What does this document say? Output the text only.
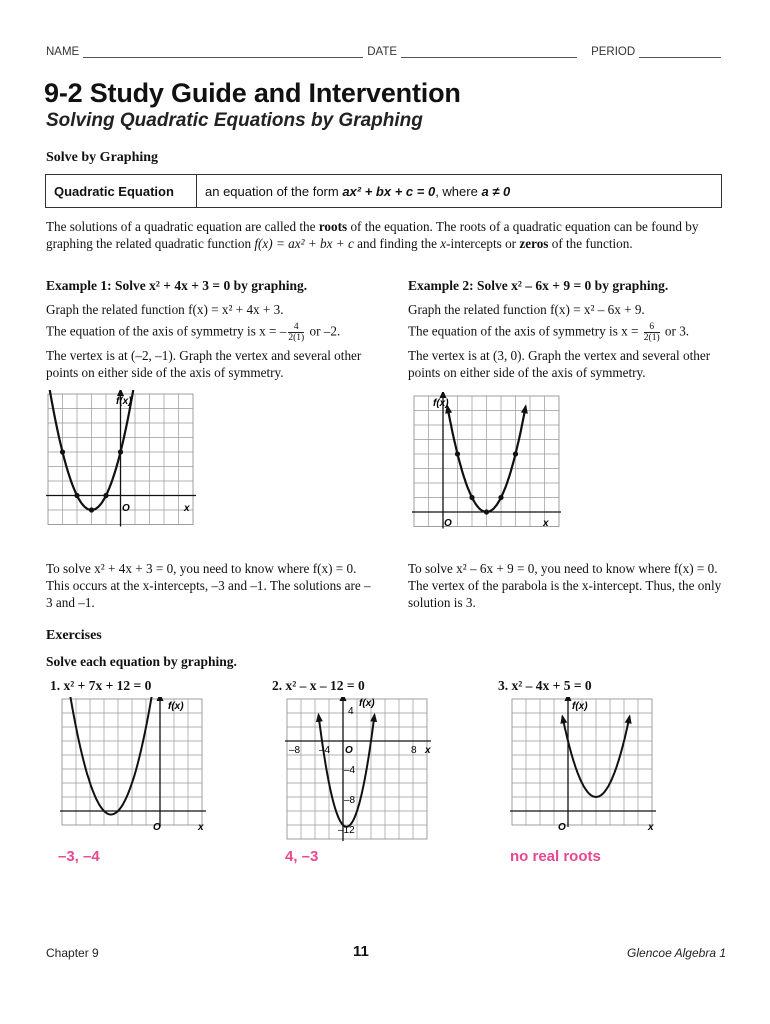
NAME	DATE	PERIOD
9-2 Study Guide and Intervention
Solving Quadratic Equations by Graphing
Solve by Graphing
Quadratic Equation	an equation of the form ax² + bx + c = 0, where a ≠ 0
The solutions of a quadratic equation are called the roots of the equation. The roots of a quadratic equation can be found by graphing the related quadratic function f(x) = ax² + bx + c and finding the x-intercepts or zeros of the function.
Example 1: Solve x² + 4x + 3 = 0 by graphing.

Graph the related function f(x) = x² + 4x + 3.

The equation of the axis of symmetry is x = – $\frac{4}{2(1)}$ or –2.

The vertex is at (–2, –1). Graph the vertex and several other points on either side of the axis of symmetry.

Example 2: Solve x² – 6x + 9 = 0 by graphing.

Graph the related function f(x) = x² – 6x + 9.

The equation of the axis of symmetry is $x = \frac{6}{2(1)}$ or 3.

The vertex is at (3, 0). Graph the vertex and several other points on either side of the axis of symmetry.

f(x)
O	x
f(x)
O	x
To solve x² + 4x + 3 = 0, you need to know where f(x) = 0. This occurs at the x-intercepts, –3 and –1. The solutions are –3 and –1.
To solve x² – 6x + 9 = 0, you need to know where f(x) = 0. The vertex of the parabola is the x-intercept. Thus, the only solution is 3.
Exercises
Solve each equation by graphing.
1. x² + 7x + 12 = 0	2. x² – x – 12 = 0	3. x² – 4x + 5 = 0
f(x)
O	x
f(x)
4
–8 –4 O	8 x
–4
–8
–12
f(x)
O	x
–3, –4	4, –3	no real roots
Chapter 9	11	Glencoe Algebra 1
